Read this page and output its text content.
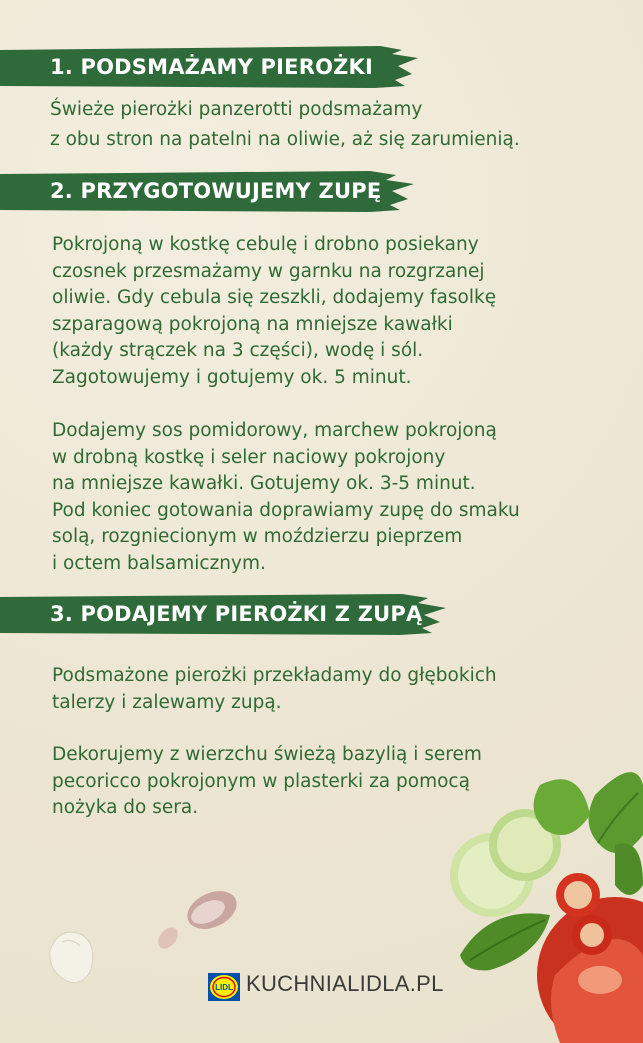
1. PODSMAŻAMY PIEROŻKI

Świeże pierożki panzerotti podsmażamy
z obu stron na patelni na oliwie, aż się zarumienią.

2. PRZYGOTOWUJEMY ZUPĘ

Pokrojoną w kostkę cebulę i drobno posiekany
czosnek przesmażamy w garnku na rozgrzanej
oliwie. Gdy cebula się zeszkli, dodajemy fasolkę
szparagową pokrojoną na mniejsze kawałki
(każdy strączek na 3 części), wodę i sól.
Zagotowujemy i gotujemy ok. 5 minut.

Dodajemy sos pomidorowy, marchew pokrojoną
w drobną kostkę i seler naciowy pokrojony
na mniejsze kawałki. Gotujemy ok. 3-5 minut.
Pod koniec gotowania doprawiamy zupę do smaku
solą, rozgniecionym w moździerzu pieprzem
i octem balsamicznym.

3. PODAJEMY PIEROŻKI Z ZUPĄ

Podsmażone pierożki przekładamy do głębokich
talerzy i zalewamy zupą.

Dekorujemy z wierzchu świeżą bazylią i serem
pecoricco pokrojonym w plasterki za pomocą
nożyka do sera.

LIDL KUCHNIALIDLA.PL
